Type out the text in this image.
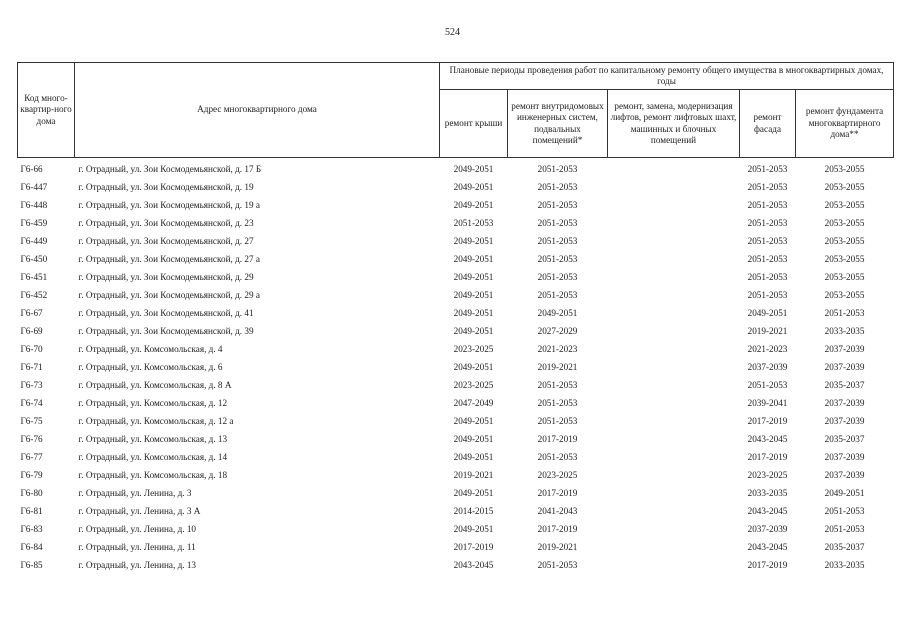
524
Код много-квартир-ного дома	Адрес многоквартирного дома	Плановые периоды проведения работ по капитальному ремонту общего имущества в многоквартирных домах, годы				
		ремонт крыши	ремонт внутридомовых инженерных систем, подвальных помещений*	ремонт, замена, модернизация лифтов, ремонт лифтовых шахт, машинных и блочных помещений	ремонт фасада	ремонт фундамента многоквартирного дома**
Г6-66	г. Отрадный, ул. Зои Космодемьянской, д. 17 Б	2049-2051	2051-2053		2051-2053	2053-2055
Г6-447	г. Отрадный, ул. Зои Космодемьянской, д. 19	2049-2051	2051-2053		2051-2053	2053-2055
Г6-448	г. Отрадный, ул. Зои Космодемьянской, д. 19 а	2049-2051	2051-2053		2051-2053	2053-2055
Г6-459	г. Отрадный, ул. Зои Космодемьянской, д. 23	2051-2053	2051-2053		2051-2053	2053-2055
Г6-449	г. Отрадный, ул. Зои Космодемьянской, д. 27	2049-2051	2051-2053		2051-2053	2053-2055
Г6-450	г. Отрадный, ул. Зои Космодемьянской, д. 27 а	2049-2051	2051-2053		2051-2053	2053-2055
Г6-451	г. Отрадный, ул. Зои Космодемьянской, д. 29	2049-2051	2051-2053		2051-2053	2053-2055
Г6-452	г. Отрадный, ул. Зои Космодемьянской, д. 29 а	2049-2051	2051-2053		2051-2053	2053-2055
Г6-67	г. Отрадный, ул. Зои Космодемьянской, д. 41	2049-2051	2049-2051		2049-2051	2051-2053
Г6-69	г. Отрадный, ул. Зои Космодемьянской, д. 39	2049-2051	2027-2029		2019-2021	2033-2035
Г6-70	г. Отрадный, ул. Комсомольская, д. 4	2023-2025	2021-2023		2021-2023	2037-2039
Г6-71	г. Отрадный, ул. Комсомольская, д. 6	2049-2051	2019-2021		2037-2039	2037-2039
Г6-73	г. Отрадный, ул. Комсомольская, д. 8 А	2023-2025	2051-2053		2051-2053	2035-2037
Г6-74	г. Отрадный, ул. Комсомольская, д. 12	2047-2049	2051-2053		2039-2041	2037-2039
Г6-75	г. Отрадный, ул. Комсомольская, д. 12 а	2049-2051	2051-2053		2017-2019	2037-2039
Г6-76	г. Отрадный, ул. Комсомольская, д. 13	2049-2051	2017-2019		2043-2045	2035-2037
Г6-77	г. Отрадный, ул. Комсомольская, д. 14	2049-2051	2051-2053		2017-2019	2037-2039
Г6-79	г. Отрадный, ул. Комсомольская, д. 18	2019-2021	2023-2025		2023-2025	2037-2039
Г6-80	г. Отрадный, ул. Ленина, д. 3	2049-2051	2017-2019		2033-2035	2049-2051
Г6-81	г. Отрадный, ул. Ленина, д. 3 А	2014-2015	2041-2043		2043-2045	2051-2053
Г6-83	г. Отрадный, ул. Ленина, д. 10	2049-2051	2017-2019		2037-2039	2051-2053
Г6-84	г. Отрадный, ул. Ленина, д. 11	2017-2019	2019-2021		2043-2045	2035-2037
Г6-85	г. Отрадный, ул. Ленина, д. 13	2043-2045	2051-2053		2017-2019	2033-2035
